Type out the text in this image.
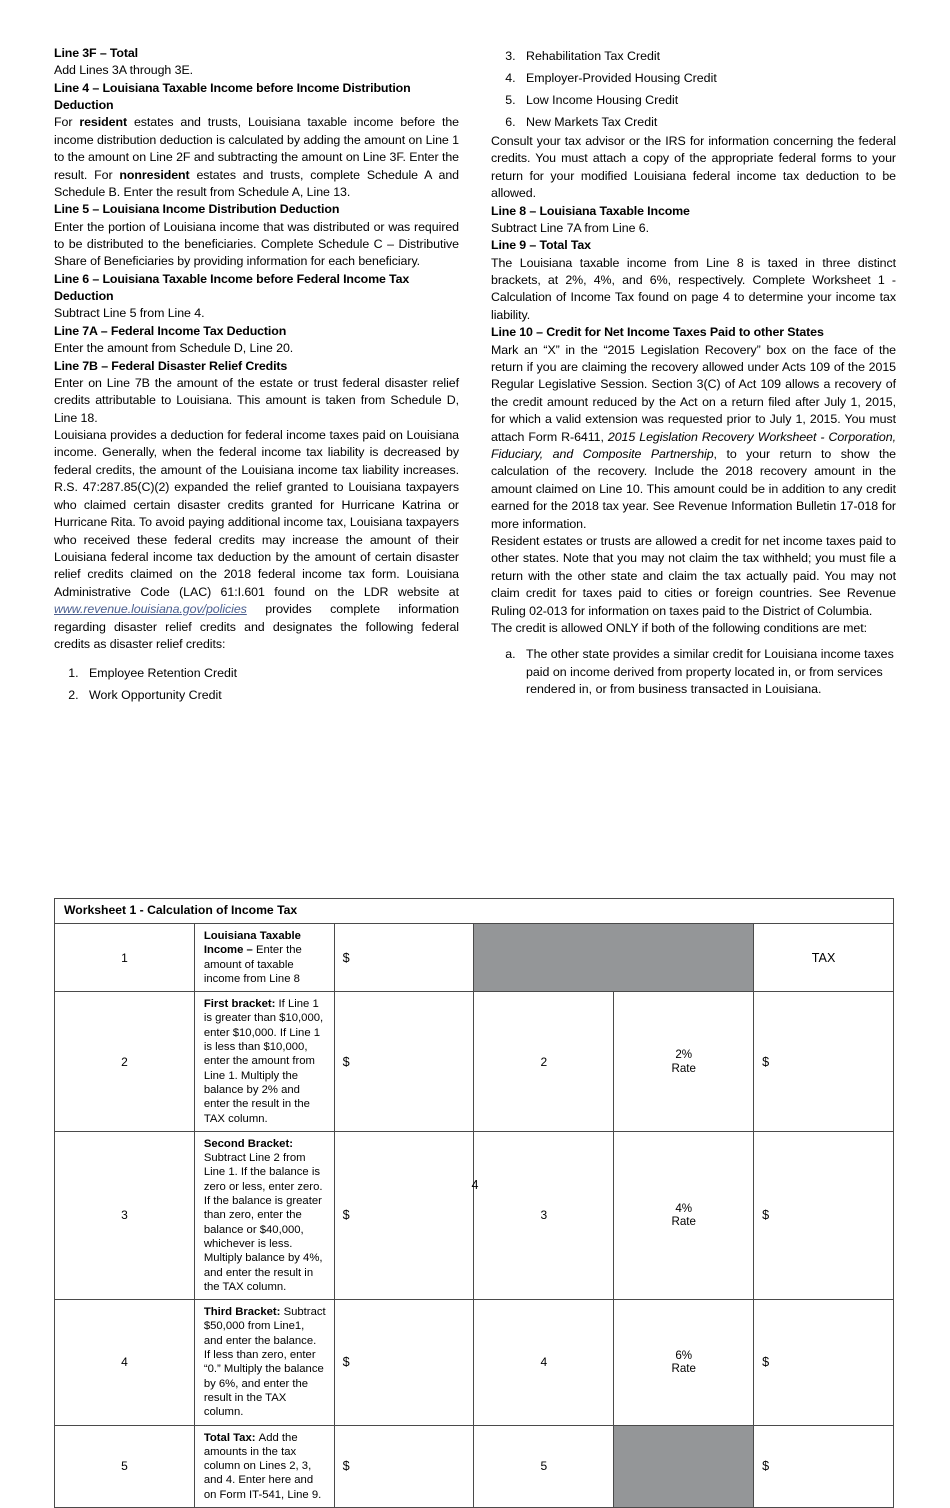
Line 3F – Total

Add Lines 3A through 3E.

Line 4 – Louisiana Taxable Income before Income Distribution Deduction

For resident estates and trusts, Louisiana taxable income before the income distribution deduction is calculated by adding the amount on Line 1 to the amount on Line 2F and subtracting the amount on Line 3F. Enter the result. For nonresident estates and trusts, complete Schedule A and Schedule B. Enter the result from Schedule A, Line 13.

Line 5 – Louisiana Income Distribution Deduction

Enter the portion of Louisiana income that was distributed or was required to be distributed to the beneficiaries. Complete Schedule C – Distributive Share of Beneficiaries by providing information for each beneficiary.

Line 6 – Louisiana Taxable Income before Federal Income Tax Deduction

Subtract Line 5 from Line 4.

Line 7A – Federal Income Tax Deduction

Enter the amount from Schedule D, Line 20.

Line 7B – Federal Disaster Relief Credits

Enter on Line 7B the amount of the estate or trust federal disaster relief credits attributable to Louisiana. This amount is taken from Schedule D, Line 18.

Louisiana provides a deduction for federal income taxes paid on Louisiana income. Generally, when the federal income tax liability is decreased by federal credits, the amount of the Louisiana income tax liability increases. R.S. 47:287.85(C)(2) expanded the relief granted to Louisiana taxpayers who claimed certain disaster credits granted for Hurricane Katrina or Hurricane Rita. To avoid paying additional income tax, Louisiana taxpayers who received these federal credits may increase the amount of their Louisiana federal income tax deduction by the amount of certain disaster relief credits claimed on the 2018 federal income tax form. Louisiana Administrative Code (LAC) 61:I.601 found on the LDR website at www.revenue.louisiana.gov/policies provides complete information regarding disaster relief credits and designates the following federal credits as disaster relief credits:

1. Employee Retention Credit
2. Work Opportunity Credit
3. Rehabilitation Tax Credit
4. Employer-Provided Housing Credit
5. Low Income Housing Credit
6. New Markets Tax Credit

Consult your tax advisor or the IRS for information concerning the federal credits. You must attach a copy of the appropriate federal forms to your return for your modified Louisiana federal income tax deduction to be allowed.

Line 8 – Louisiana Taxable Income

Subtract Line 7A from Line 6.

Line 9 – Total Tax

The Louisiana taxable income from Line 8 is taxed in three distinct brackets, at 2%, 4%, and 6%, respectively. Complete Worksheet 1 - Calculation of Income Tax found on page 4 to determine your income tax liability.

Line 10 – Credit for Net Income Taxes Paid to other States

Mark an “X” in the “2015 Legislation Recovery” box on the face of the return if you are claiming the recovery allowed under Acts 109 of the 2015 Regular Legislative Session. Section 3(C) of Act 109 allows a recovery of the credit amount reduced by the Act on a return filed after July 1, 2015, for which a valid extension was requested prior to July 1, 2015. You must attach Form R-6411, 2015 Legislation Recovery Worksheet - Corporation, Fiduciary, and Composite Partnership, to your return to show the calculation of the recovery. Include the 2018 recovery amount in the amount claimed on Line 10. This amount could be in addition to any credit earned for the 2018 tax year. See Revenue Information Bulletin 17-018 for more information.

Resident estates or trusts are allowed a credit for net income taxes paid to other states. Note that you may not claim the tax withheld; you must file a return with the other state and claim the tax actually paid. You may not claim credit for taxes paid to cities or foreign countries. See Revenue Ruling 02-013 for information on taxes paid to the District of Columbia.

The credit is allowed ONLY if both of the following conditions are met:

a. The other state provides a similar credit for Louisiana income taxes paid on income derived from property located in, or from services rendered in, or from business transacted in Louisiana.
Worksheet 1 - Calculation of Income Tax					
1	Louisiana Taxable Income – Enter the amount of taxable income from Line 8	$			TAX
2	First bracket: If Line 1 is greater than $10,000, enter $10,000. If Line 1 is less than $10,000, enter the amount from Line 1. Multiply the balance by 2% and enter the result in the TAX column.	$	2	2%
Rate	$
3	Second Bracket: Subtract Line 2 from Line 1. If the balance is zero or less, enter zero. If the balance is greater than zero, enter the balance or $40,000, whichever is less. Multiply balance by 4%, and enter the result in the TAX column.	$	3	4%
Rate	$
4	Third Bracket: Subtract $50,000 from Line1, and enter the balance. If less than zero, enter “0.” Multiply the balance by 6%, and enter the result in the TAX column.	$	4	6%
Rate	$
5	Total Tax: Add the amounts in the tax column on Lines 2, 3, and 4. Enter here and on Form IT-541, Line 9.	$	5		$
4
